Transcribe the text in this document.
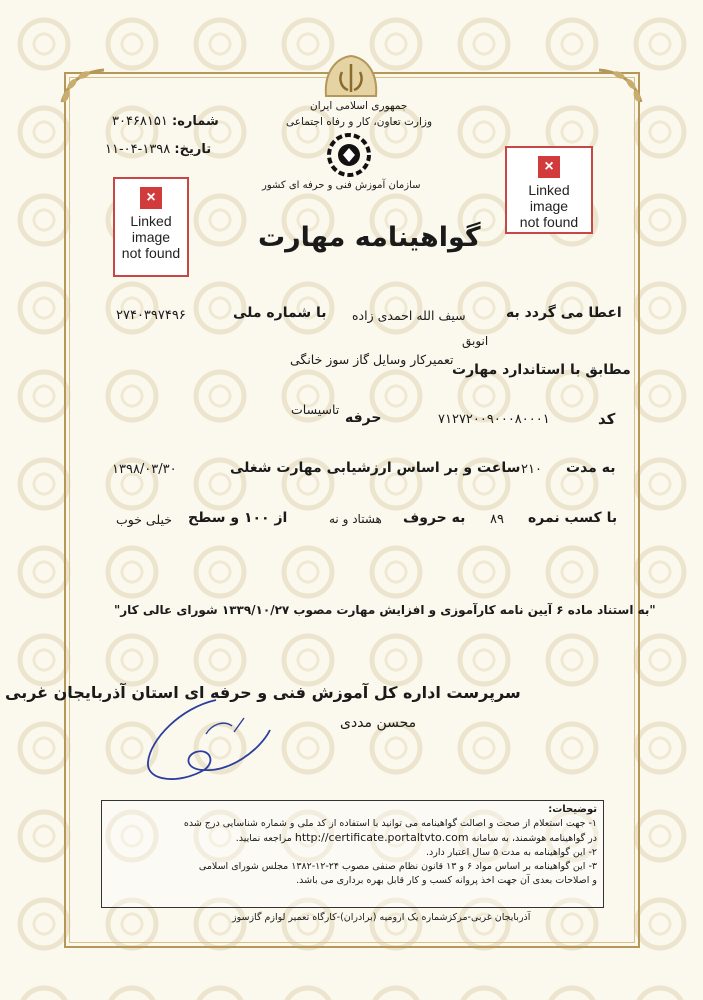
جمهوری اسلامی ایران
وزارت تعاون، کار و رفاه اجتماعی
سازمان آموزش فنی و حرفه ای کشور
شماره: ۳۰۴۶۸۱۵۱
تاریخ: ۱۳۹۸-۰۴-۱۱
×
Linked
image
not found
×
Linked
image
not found
گواهینامه مهارت
اعطا می گردد به
سیف الله احمدی زاده
انوبق
با شماره ملی
۲۷۴۰۳۹۷۴۹۶
تعمیرکار وسایل گاز سوز خانگی
مطابق با استاندارد مهارت
تاسیسات
کد
۷۱۲۷۲۰۰۹۰۰۰۸۰۰۰۱
حرفه
به مدت
۲۱۰
ساعت و بر اساس ارزشیابی مهارت شغلی
۱۳۹۸/۰۳/۳۰
با کسب نمره
۸۹
به حروف
هشتاد و نه
از ۱۰۰ و سطح
خیلی خوب
"به استناد ماده ۶ آیین نامه کارآموزی و افزایش مهارت مصوب ۱۳۳۹/۱۰/۲۷ شورای عالی کار"
سرپرست اداره کل آموزش فنی و حرفه ای استان آذربایجان غربی
محسن مددی
توضیحات:
۱- جهت استعلام از صحت و اصالت گواهینامه می توانید با استفاده از کد ملی و شماره شناسایی درج شده
در گواهینامه هوشمند، به سامانه http://certificate.portaltvto.com مراجعه نمایید.
۲- این گواهینامه به مدت ۵ سال اعتبار دارد.
۳- این گواهینامه بر اساس مواد ۶ و ۱۳ قانون نظام صنفی مصوب ۲۴-۱۲-۱۳۸۲ مجلس شورای اسلامی
و اصلاحات بعدی آن جهت اخذ پروانه کسب و کار قابل بهره برداری می باشد.
آذربایجان غربی-مرکزشماره یک ارومیه (برادران)-کارگاه تعمیر لوازم گازسوز
